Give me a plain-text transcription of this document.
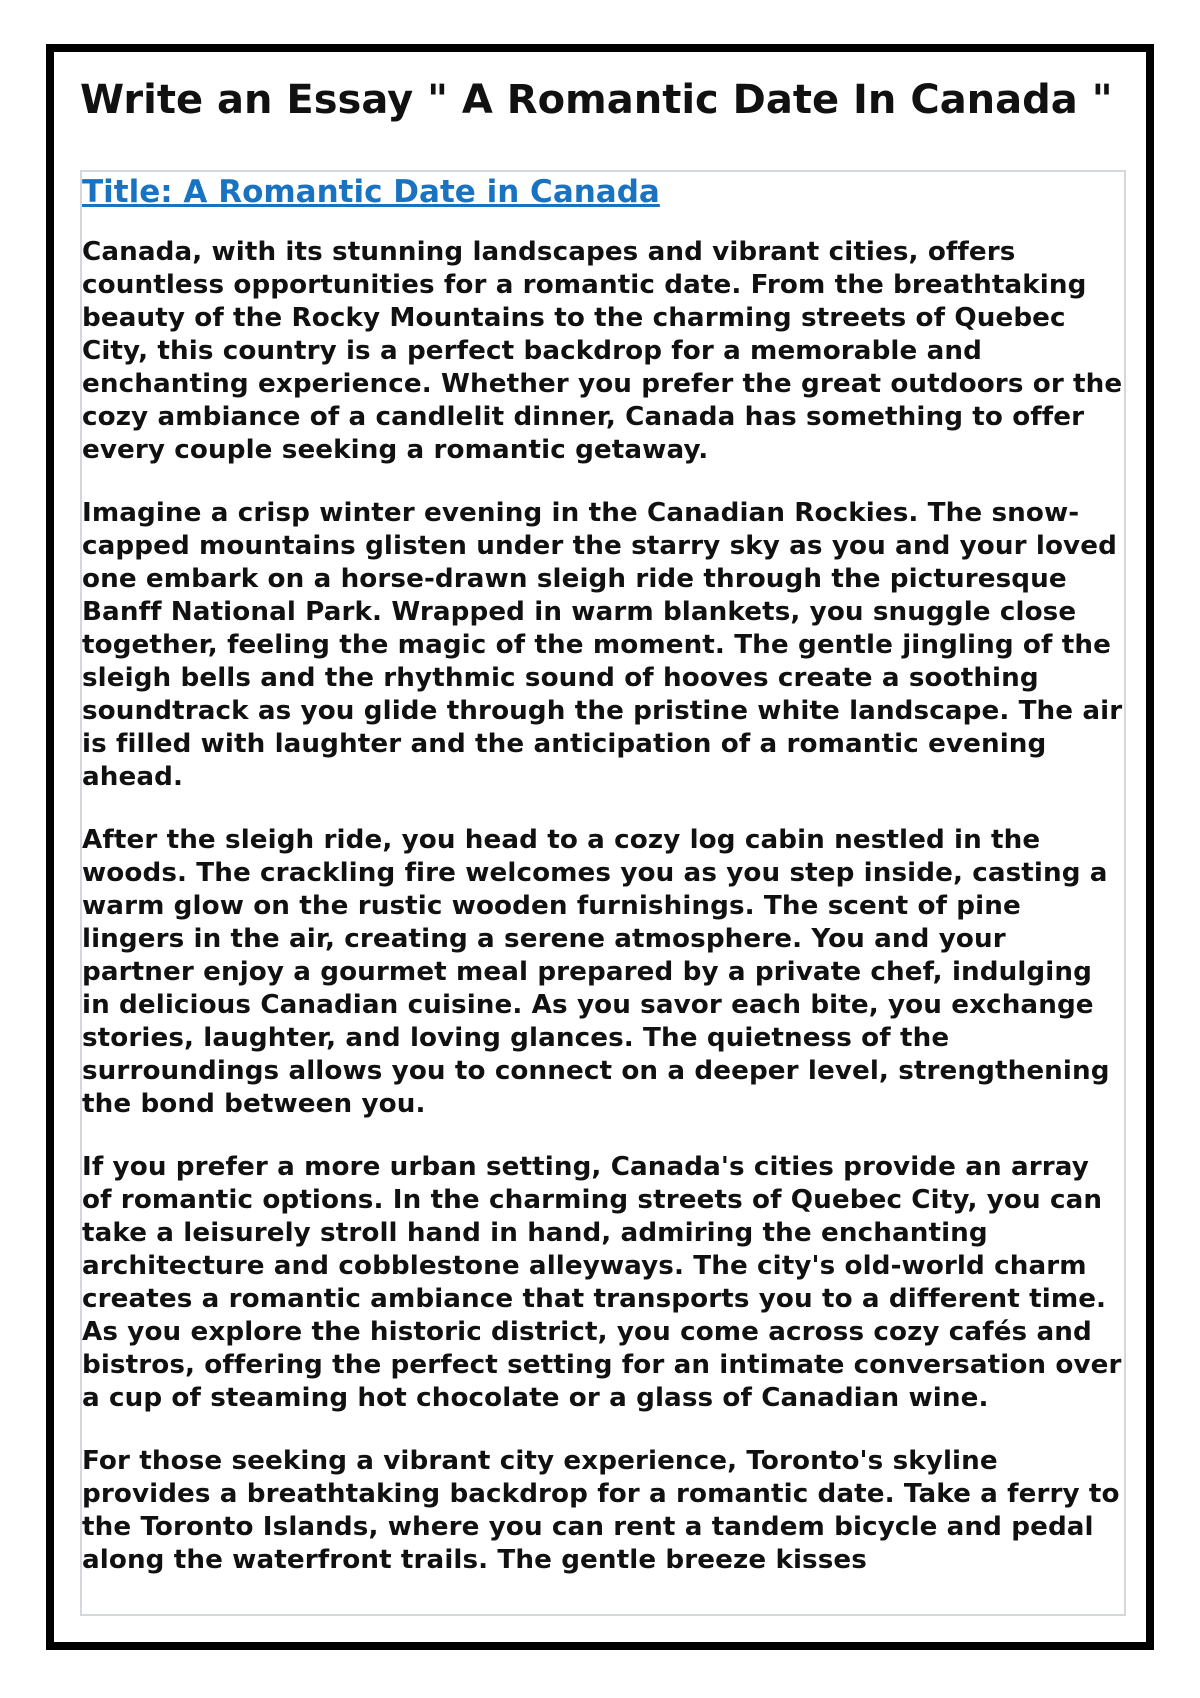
Write an Essay " A Romantic Date In Canada "
Title: A Romantic Date in Canada

Canada, with its stunning landscapes and vibrant cities, offers countless opportunities for a romantic date. From the breathtaking beauty of the Rocky Mountains to the charming streets of Quebec City, this country is a perfect backdrop for a memorable and enchanting experience. Whether you prefer the great outdoors or the cozy ambiance of a candlelit dinner, Canada has something to offer every couple seeking a romantic getaway.

Imagine a crisp winter evening in the Canadian Rockies. The snow-capped mountains glisten under the starry sky as you and your loved one embark on a horse-drawn sleigh ride through the picturesque Banff National Park. Wrapped in warm blankets, you snuggle close together, feeling the magic of the moment. The gentle jingling of the sleigh bells and the rhythmic sound of hooves create a soothing soundtrack as you glide through the pristine white landscape. The air is filled with laughter and the anticipation of a romantic evening ahead.

After the sleigh ride, you head to a cozy log cabin nestled in the woods. The crackling fire welcomes you as you step inside, casting a warm glow on the rustic wooden furnishings. The scent of pine lingers in the air, creating a serene atmosphere. You and your partner enjoy a gourmet meal prepared by a private chef, indulging in delicious Canadian cuisine. As you savor each bite, you exchange stories, laughter, and loving glances. The quietness of the surroundings allows you to connect on a deeper level, strengthening the bond between you.

If you prefer a more urban setting, Canada's cities provide an array of romantic options. In the charming streets of Quebec City, you can take a leisurely stroll hand in hand, admiring the enchanting architecture and cobblestone alleyways. The city's old-world charm creates a romantic ambiance that transports you to a different time. As you explore the historic district, you come across cozy cafés and bistros, offering the perfect setting for an intimate conversation over a cup of steaming hot chocolate or a glass of Canadian wine.

For those seeking a vibrant city experience, Toronto's skyline provides a breathtaking backdrop for a romantic date. Take a ferry to the Toronto Islands, where you can rent a tandem bicycle and pedal along the waterfront trails. The gentle breeze kisses
